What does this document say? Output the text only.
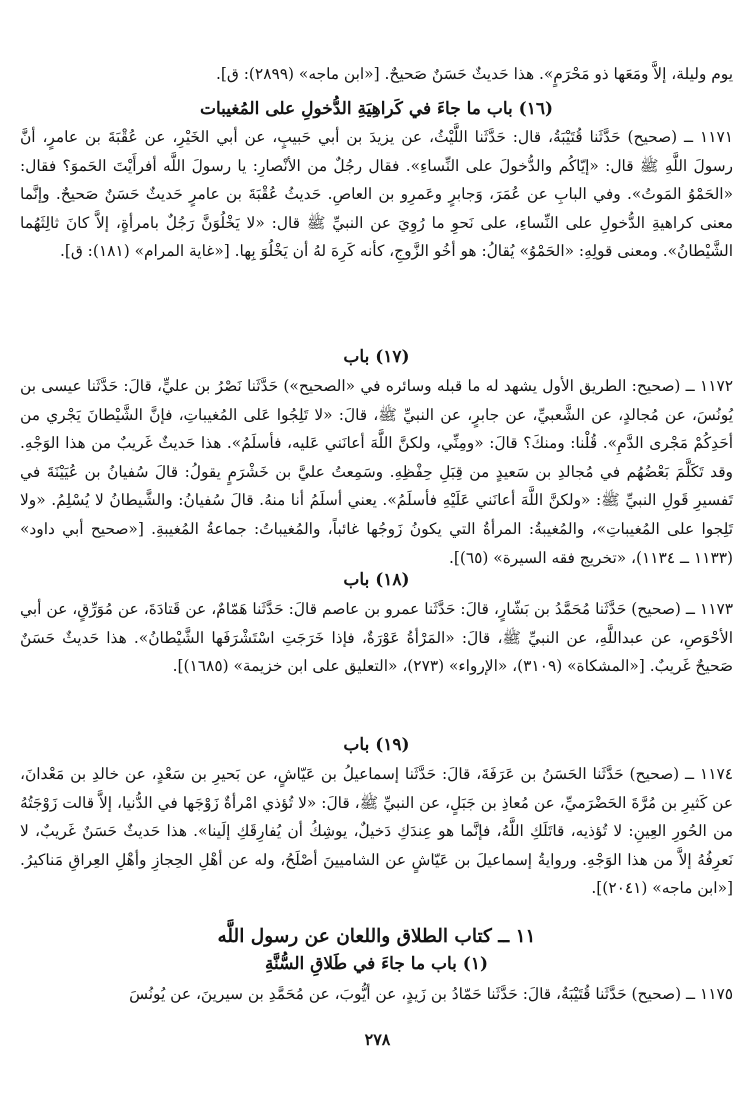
يوم وليلة، إلاَّ ومَعَها ذو مَحْرَمٍ». هذا حَديثٌ حَسَنٌ صَحيحٌ. [«ابن ماجه» (٢٨٩٩): ق].

(١٦) باب ما جاءَ في كَراهِيَةِ الدُّخولِ على المُغيبات

١١٧١ ــ (صحيح) حَدَّثَنا قُتَيْبَةُ، قال: حَدَّثَنا اللَّيْثُ، عن يزيدَ بن أبي حَبيبٍ، عن أبي الخَيْرِ، عن عُقْبَةَ بن عامرٍ، أنَّ رسولَ اللَّهِ ﷺ قال: «إيّاكُم والدُّخولَ على النِّساءِ». فقال رجُلٌ من الأنْصارِ: يا رسولَ اللَّه أفرأَيْتَ الحَموَ؟ فقال: «الحَمْوُ المَوتُ». وفي البابِ عن عُمَرَ، وَجابرٍ وعَمرِو بن العاصِ. حَديثُ عُقْبَةَ بن عامرٍ حَديثٌ حَسَنٌ صَحيحٌ. وإنَّما معنى كراهيةِ الدُّخولِ على النِّساءِ، على نَحوِ ما رُوِيَ عن النبيِّ ﷺ قال: «لا يَخْلُوَنَّ رَجُلٌ بامرأةٍ، إلاَّ كانَ ثالِثَهُما الشَّيْطانُ». ومعنى قولِهِ: «الحَمْوُ» يُقالُ: هو أخُو الزَّوجِ، كأنه كَرِهَ لهُ أن يَخْلُوَ بِها. [«غاية المرام» (١٨١): ق].

(١٧) باب

١١٧٢ ــ (صحيح: الطريق الأول يشهد له ما قبله وسائره في «الصحيح») حَدَّثَنا نَصْرُ بن عليٍّ، قالَ: حَدَّثَنا عيسى بن يُونُسَ، عن مُجالدٍ، عن الشَّعبيِّ، عن جابرٍ، عن النبيِّ ﷺ، قالَ: «لا تَلِجُوا عَلى المُغيباتِ، فإنَّ الشَّيْطانَ يَجْري من أحَدِكُمْ مَجْرى الدَّمِ». قُلْنا: ومنكَ؟ قالَ: «ومِنِّي، ولكنَّ اللَّهَ أعانَني عَليه، فأسلَمُ». هذا حَديثٌ غَريبٌ من هذا الوَجْهِ. وقد تَكَلَّمَ بَعْضُهُم في مُجالدِ بن سَعيدٍ من قِبَلِ حِفْظِهِ. وسَمِعتُ عليَّ بن خَشْرَمٍ يقولُ: قالَ سُفيانُ بن عُيَيْنَةَ في تَفسيرِ قَولِ النبيِّ ﷺ: «ولكنَّ اللَّهَ أعانَني عَلَيْهِ فأسلَمُ». يعني أسلَمُ أنا منهُ. قالَ سُفيانُ: والشَّيطانُ لا يُسْلِمُ. «ولا تَلِجوا على المُغيباتِ»، والمُغيبةُ: المرأةُ التي يكونُ زَوجُها غائباً، والمُغيباتُ: جماعةُ المُغيبةِ. [«صحيح أبي داود» (١١٣٣ ــ ١١٣٤)، «تخريج فقه السيرة» (٦٥)].

(١٨) باب

١١٧٣ ــ (صحيح) حَدَّثَنا مُحَمَّدُ بن بَشّارٍ، قالَ: حَدَّثَنا عمرو بن عاصم قالَ: حَدَّثَنا هَمّامٌ، عن قَتادَةَ، عن مُوَرِّقٍ، عن أبي الأحْوَصِ، عن عبداللَّهِ، عن النبيِّ ﷺ، قالَ: «المَرْأةُ عَوْرَةٌ، فإذا خَرَجَتِ اسْتَشْرَفَها الشَّيْطانُ». هذا حَديثٌ حَسَنٌ صَحيحٌ غَريبٌ. [«المشكاة» (٣١٠٩)، «الإرواء» (٢٧٣)، «التعليق على ابن خزيمة» (١٦٨٥)].

(١٩) باب

١١٧٤ ــ (صحيح) حَدَّثَنا الحَسَنُ بن عَرَفَةَ، قالَ: حَدَّثَنا إسماعيلُ بن عَيّاشٍ، عن بَحيرِ بن سَعْدٍ، عن خالدِ بن مَعْدانَ، عن كَثيرِ بن مُرَّةَ الحَضْرَميِّ، عن مُعاذِ بن جَبَلٍ، عن النبيِّ ﷺ، قالَ: «لا تُؤذي امْرأةٌ زَوْجَها في الدُّنيا، إلاَّ قالت زَوْجَتُهُ من الحُورِ العِينِ: لا تُؤذيه، قاتَلَكِ اللَّهُ، فإنَّما هو عِندَكِ دَخيلٌ، يوشِكُ أن يُفارِقَكِ إلَينا». هذا حَديثٌ حَسَنٌ غَريبٌ، لا نَعرِفُهُ إلاَّ من هذا الوَجْهِ. وروايةُ إسماعيلَ بن عَيّاشٍ عن الشاميينَ أصْلَحُ، وله عن أهْلِ الحِجازِ وأهْلِ العِراقِ مَناكيرُ. [«ابن ماجه» (٢٠٤١)].

١١ ــ كتاب الطلاق واللعان عن رسول اللَّه
(١) باب ما جاءَ في طَلاقِ السُّنَّةِ

١١٧٥ ــ (صحيح) حَدَّثَنا قُتَيْبَةُ، قالَ: حَدَّثَنا حَمّادُ بن زَيدٍ، عن أيُّوبَ، عن مُحَمَّدِ بن سيرينَ، عن يُونُسَ

٢٧٨
